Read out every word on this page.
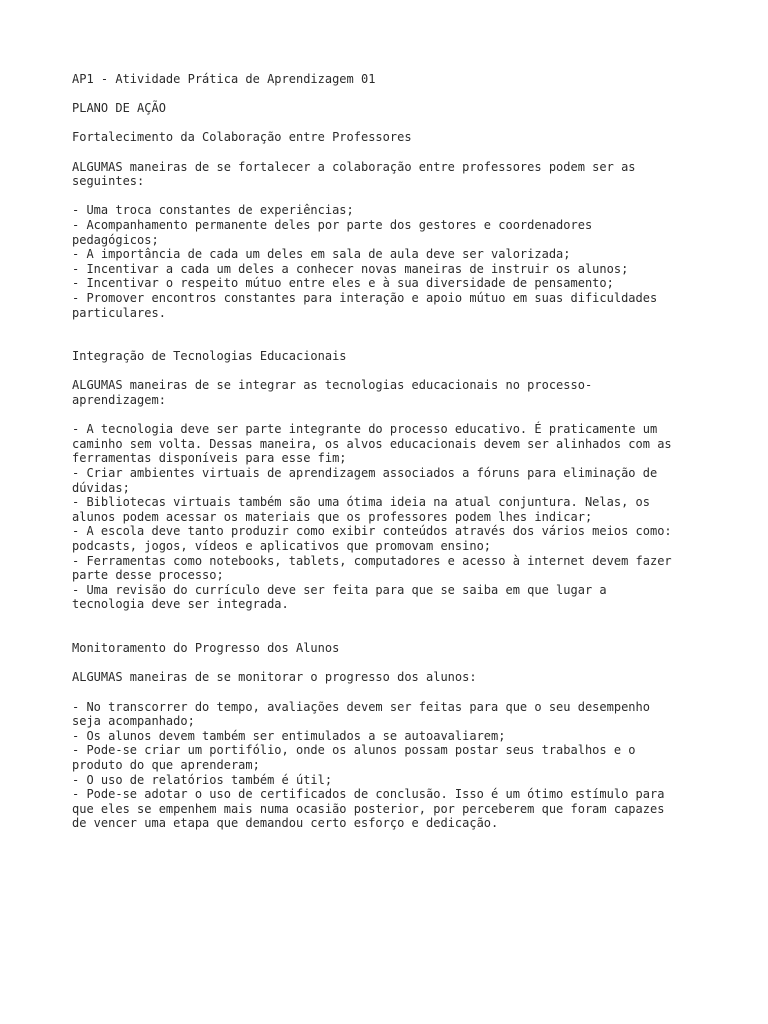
AP1 - Atividade Prática de Aprendizagem 01

PLANO DE AÇÃO

Fortalecimento da Colaboração entre Professores

ALGUMAS maneiras de se fortalecer a colaboração entre professores podem ser as

seguintes:

- Uma troca constantes de experiências;

- Acompanhamento permanente deles por parte dos gestores e coordenadores

pedagógicos;

- A importância de cada um deles em sala de aula deve ser valorizada;

- Incentivar a cada um deles a conhecer novas maneiras de instruir os alunos;

- Incentivar o respeito mútuo entre eles e à sua diversidade de pensamento;

- Promover encontros constantes para interação e apoio mútuo em suas dificuldades

particulares.

Integração de Tecnologias Educacionais

ALGUMAS maneiras de se integrar as tecnologias educacionais no processo-

aprendizagem:

- A tecnologia deve ser parte integrante do processo educativo. É praticamente um

caminho sem volta. Dessas maneira, os alvos educacionais devem ser alinhados com as

ferramentas disponíveis para esse fim;

- Criar ambientes virtuais de aprendizagem associados a fóruns para eliminação de

dúvidas;

- Bibliotecas virtuais também são uma ótima ideia na atual conjuntura. Nelas, os

alunos podem acessar os materiais que os professores podem lhes indicar;

- A escola deve tanto produzir como exibir conteúdos através dos vários meios como:

podcasts, jogos, vídeos e aplicativos que promovam ensino;

- Ferramentas como notebooks, tablets, computadores e acesso à internet devem fazer

parte desse processo;

- Uma revisão do currículo deve ser feita para que se saiba em que lugar a

tecnologia deve ser integrada.

Monitoramento do Progresso dos Alunos

ALGUMAS maneiras de se monitorar o progresso dos alunos:

- No transcorrer do tempo, avaliações devem ser feitas para que o seu desempenho

seja acompanhado;

- Os alunos devem também ser entimulados a se autoavaliarem;

- Pode-se criar um portifólio, onde os alunos possam postar seus trabalhos e o

produto do que aprenderam;

- O uso de relatórios também é útil;

- Pode-se adotar o uso de certificados de conclusão. Isso é um ótimo estímulo para

que eles se empenhem mais numa ocasião posterior, por perceberem que foram capazes

de vencer uma etapa que demandou certo esforço e dedicação.
